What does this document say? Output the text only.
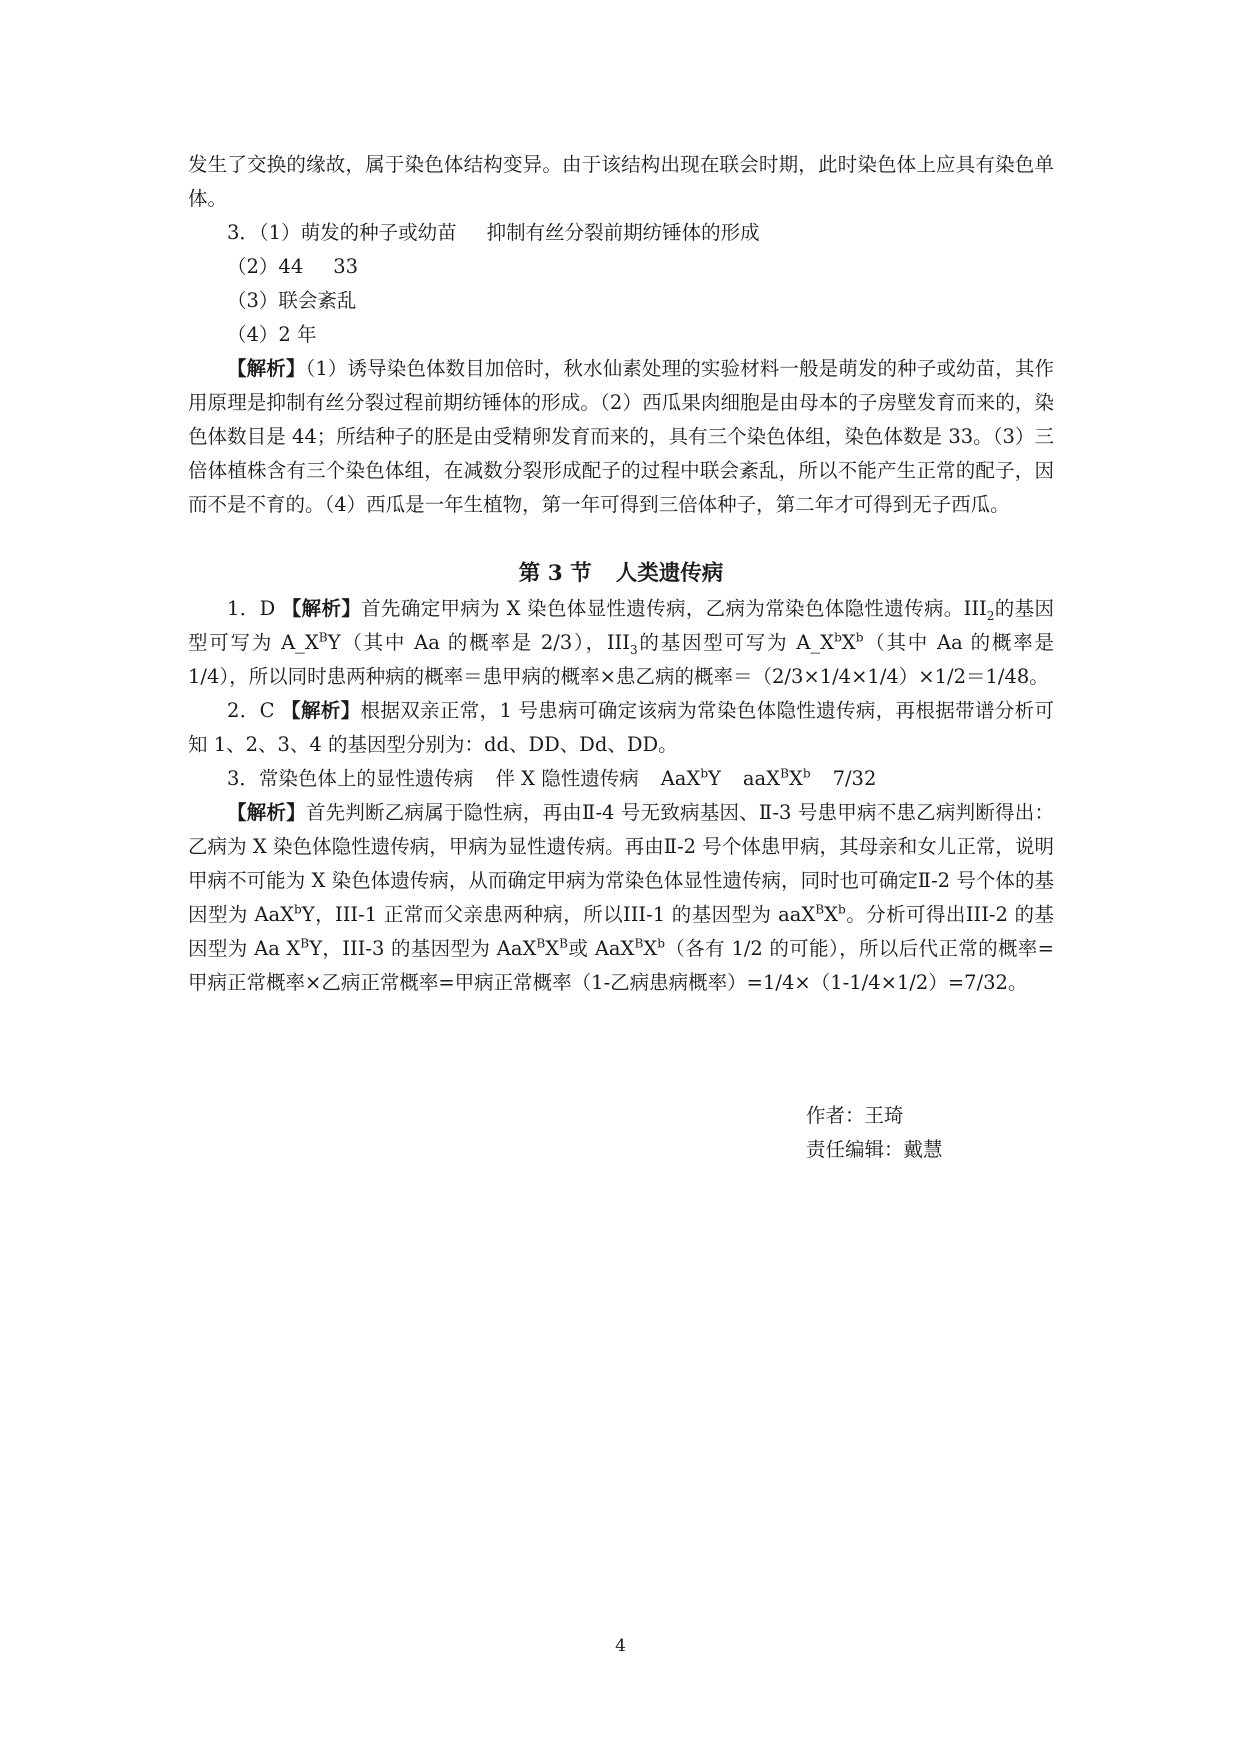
发生了交换的缘故，属于染色体结构变异。由于该结构出现在联会时期，此时染色体上应具有染色单体。

3．（1）萌发的种子或幼苗 抑制有丝分裂前期纺锤体的形成

（2）44 33

（3）联会紊乱

（4）2 年

【解析】（1）诱导染色体数目加倍时，秋水仙素处理的实验材料一般是萌发的种子或幼苗，其作用原理是抑制有丝分裂过程前期纺锤体的形成。（2）西瓜果肉细胞是由母本的子房壁发育而来的，染色体数目是 44；所结种子的胚是由受精卵发育而来的，具有三个染色体组，染色体数是 33。（3）三倍体植株含有三个染色体组，在减数分裂形成配子的过程中联会紊乱，所以不能产生正常的配子，因而不是不育的。（4）西瓜是一年生植物，第一年可得到三倍体种子，第二年才可得到无子西瓜。

第 3 节 人类遗传病

1．D 【解析】首先确定甲病为 X 染色体显性遗传病，乙病为常染色体隐性遗传病。$III_2$的基因型可写为 $A\_X^BY$（其中 Aa 的概率是 2/3），$III_3$的基因型可写为 $A\_X^bX^b$（其中 Aa 的概率是 1/4），所以同时患两种病的概率＝患甲病的概率×患乙病的概率＝（2/3×1/4×1/4）×1/2＝1/48。

2．C 【解析】根据双亲正常，1 号患病可确定该病为常染色体隐性遗传病，再根据带谱分析可知 1、2、3、4 的基因型分别为：dd、DD、Dd、DD。

3．常染色体上的显性遗传病 伴 X 隐性遗传病 AaX$^b$Y $aaX^BX^b$ 7/32

【解析】首先判断乙病属于隐性病，再由Ⅱ-4 号无致病基因、Ⅱ-3 号患甲病不患乙病判断得出：乙病为 X 染色体隐性遗传病，甲病为显性遗传病。再由Ⅱ-2 号个体患甲病，其母亲和女儿正常，说明甲病不可能为 X 染色体遗传病，从而确定甲病为常染色体显性遗传病，同时也可确定Ⅱ-2 号个体的基因型为 AaX$^b$Y，III-1 正常而父亲患两种病，所以III-1 的基因型为 $aaX^BX^b$。分析可得出III-2 的基因型为 Aa $X^BY$，III-3 的基因型为 $AaX^BX^B$或 $AaX^BX^b$（各有 1/2 的可能），所以后代正常的概率=甲病正常概率×乙病正常概率=甲病正常概率（1-乙病患病概率）=1/4×（1-1/4×1/2）=7/32。

作者：王琦
责任编辑：戴慧
4
